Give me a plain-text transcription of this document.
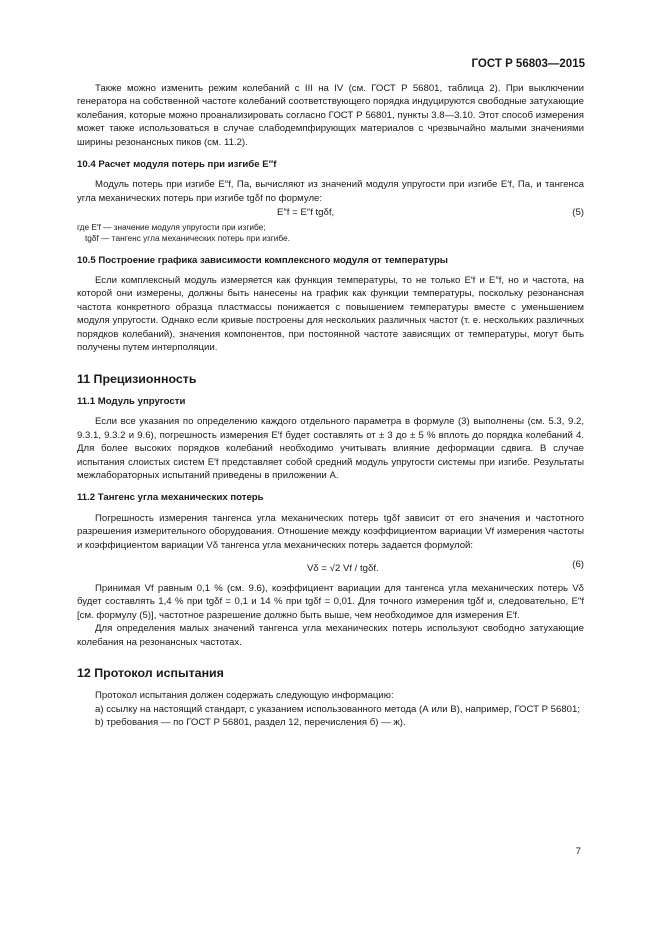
ГОСТ Р 56803—2015

Также можно изменить режим колебаний с III на IV (см. ГОСТ Р 56801, таблица 2). При выключении генератора на собственной частоте колебаний соответствующего порядка индуцируются свободные затухающие колебания, которые можно проанализировать согласно ГОСТ Р 56801, пункты 3.8—3.10. Этот способ измерения может также использоваться в случае слабодемпфирующих материалов с чрезвычайно малыми значениями ширины резонансных пиков (см. 11.2).

10.4 Расчет модуля потерь при изгибе E″f

Модуль потерь при изгибе E″f, Па, вычисляют из значений модуля упругости при изгибе E′f, Па, и тангенса угла механических потерь при изгибе tgδf по формуле:

E″f = E″f tgδf,	(5)

где E′f — значение модуля упругости при изгибе;

tgδf — тангенс угла механических потерь при изгибе.

10.5 Построение графика зависимости комплексного модуля от температуры

Если комплексный модуль измеряется как функция температуры, то не только E′f и E″f, но и частота, на которой они измерены, должны быть нанесены на график как функции температуры, поскольку резонансная частота конкретного образца пластмассы понижается с повышением температуры вместе с уменьшением модуля упругости. Однако если кривые построены для нескольких различных частот (т. е. нескольких различных порядков колебаний), значения компонентов, при постоянной частоте зависящих от температуры, могут быть получены путем интерполяции.

11 Прецизионность
11.1 Модуль упругости

Если все указания по определению каждого отдельного параметра в формуле (3) выполнены (см. 5.3, 9.2, 9.3.1, 9.3.2 и 9.6), погрешность измерения E′f будет составлять от ± 3 до ± 5 % вплоть до порядка колебаний 4. Для более высоких порядков колебаний необходимо учитывать влияние деформации сдвига. В случае испытания слоистых систем E′f представляет собой средний модуль упругости системы при изгибе. Результаты межлабораторных испытаний приведены в приложении А.

11.2 Тангенс угла механических потерь

Погрешность измерения тангенса угла механических потерь tgδf зависит от его значения и частотного разрешения измерительного оборудования. Отношение между коэффициентом вариации Vf измерения частоты и коэффициентом вариации Vδ тангенса угла механических потерь задается формулой:

Vδ = √2 Vf / tgδf.	(6)

Принимая Vf равным 0,1 % (см. 9.6), коэффициент вариации для тангенса угла механических потерь Vδ будет составлять 1,4 % при tgδf = 0,1 и 14 % при tgδf = 0,01. Для точного измерения tgδf и, следовательно, E″f [см. формулу (5)], частотное разрешение должно быть выше, чем необходимое для измерения E′f.

Для определения малых значений тангенса угла механических потерь используют свободно затухающие колебания на резонансных частотах.

12 Протокол испытания

Протокол испытания должен содержать следующую информацию:

a) ссылку на настоящий стандарт, с указанием использованного метода (А или В), например, ГОСТ Р 56801;

b) требования — по ГОСТ Р 56801, раздел 12, перечисления б) — ж).

7
